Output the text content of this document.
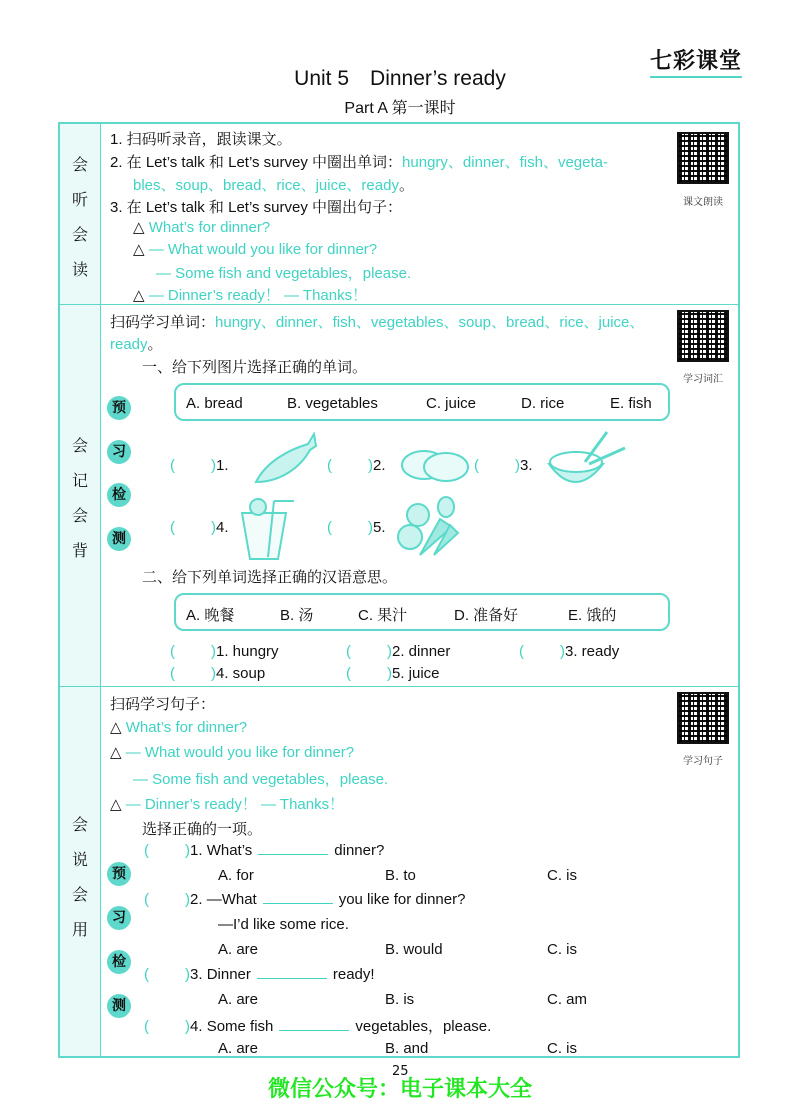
七彩课堂
Unit 5　Dinner’s ready
Part A 第一课时
会
听
会
读
1. 扫码听录音，跟读课文。
2. 在 Let’s talk 和 Let’s survey 中圈出单词：hungry、dinner、fish、vegeta-
bles、soup、bread、rice、juice、ready。
3. 在 Let’s talk 和 Let’s survey 中圈出句子：
△ What’s for dinner?
△ — What would you like for dinner?
— Some fish and vegetables，please.
△ — Dinner’s ready！ — Thanks！
课文朗读
会
记
会
背
扫码学习单词：hungry、dinner、fish、vegetables、soup、bread、rice、juice、
ready。
学习词汇
一、给下列图片选择正确的单词。
预
习
检
测
A. bread	B. vegetables	C. juice	D. rice	E. fish
( )1.	( )2.	( )3.
( )4.	( )5.
二、给下列单词选择正确的汉语意思。
A. 晚餐	B. 汤	C. 果汁	D. 准备好	E. 饿的
( )1. hungry	( )2. dinner	( )3. ready
( )4. soup	( )5. juice
会
说
会
用
扫码学习句子：
△ What’s for dinner?
△ — What would you like for dinner?
— Some fish and vegetables，please.
△ — Dinner’s ready！ — Thanks！
学习句子
选择正确的一项。
预
习
检
测
( )1. What’s	dinner?
A. for	B. to	C. is
( )2. —What	you like for dinner?
—I’d like some rice.
A. are	B. would	C. is
( )3. Dinner	ready!
A. are	B. is	C. am
( )4. Some fish	vegetables，please.
A. are	B. and	C. is
微信公众号：电子课本大全
25
